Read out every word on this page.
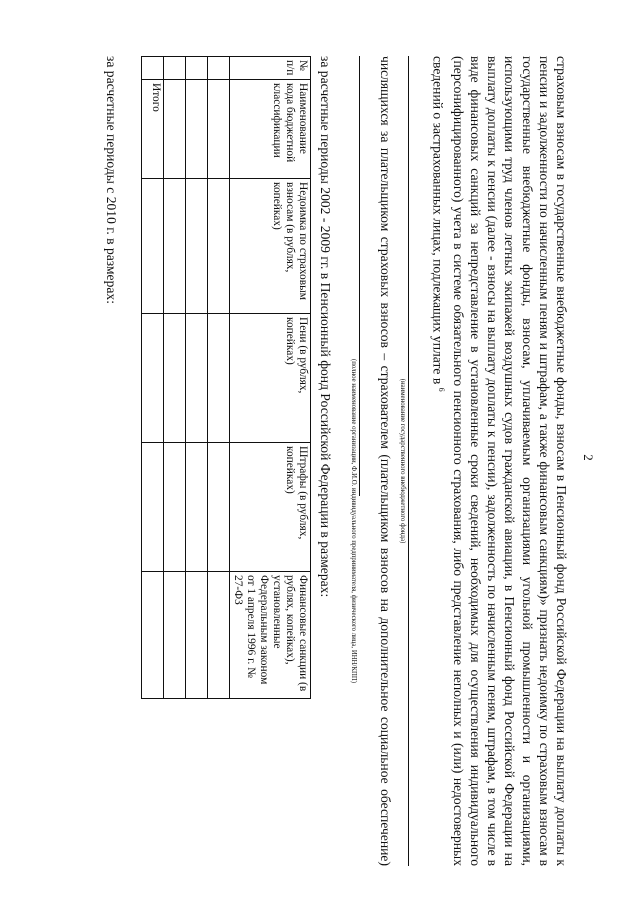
2

страховым взносам в государственные внебюджетные фонды, взносам в Пенсионный фонд Российской Федерации на выплату доплаты к пенсии и задолженности по начисленным пеням и штрафам, а также финансовым санкциям)» признать недоимку по страховым взносам в государственные внебюджетные фонды, взносам, уплачиваемым организациями угольной промышленности и организациями, использующими труд членов летных экипажей воздушных судов гражданской авиации, в Пенсионный фонд Российской Федерации на выплату доплаты к пенсии (далее - взносы на выплату доплаты к пенсии), задолженность по начисленным пеням, штрафам, в том числе в виде финансовых санкций за непредставление в установленные сроки сведений, необходимых для осуществления индивидуального (персонифицированного) учета в системе обязательного пенсионного страхования, либо представление неполных и (или) недостоверных сведений о застрахованных лицах, подлежащих уплате в $^6$

(наименование государственного внебюджетного фонда)

числящихся за плательщиком страховых взносов – страхователем (плательщиком взносов на дополнительное социальное обеспечение)

(полное наименование организации, Ф.И.О. индивидуального предпринимателя, физического лица, ИНН/КПП)
за расчетные периоды 2002 - 2009 гг. в Пенсионный фонд Российской Федерации в размерах:
№ п/п	Наименование кода бюджетной классификации	Недоимка по страховым взносам (в рублях, копейках)	Пени (в рублях, копейках)	Штрафы (в рублях, копейках)	Финансовые санкции (в рублях, копейках), установленные Федеральным законом от 1 апреля 1996 г. № 27-ФЗ

	Итого				
за расчетные периоды с 2010 г. в размерах:
